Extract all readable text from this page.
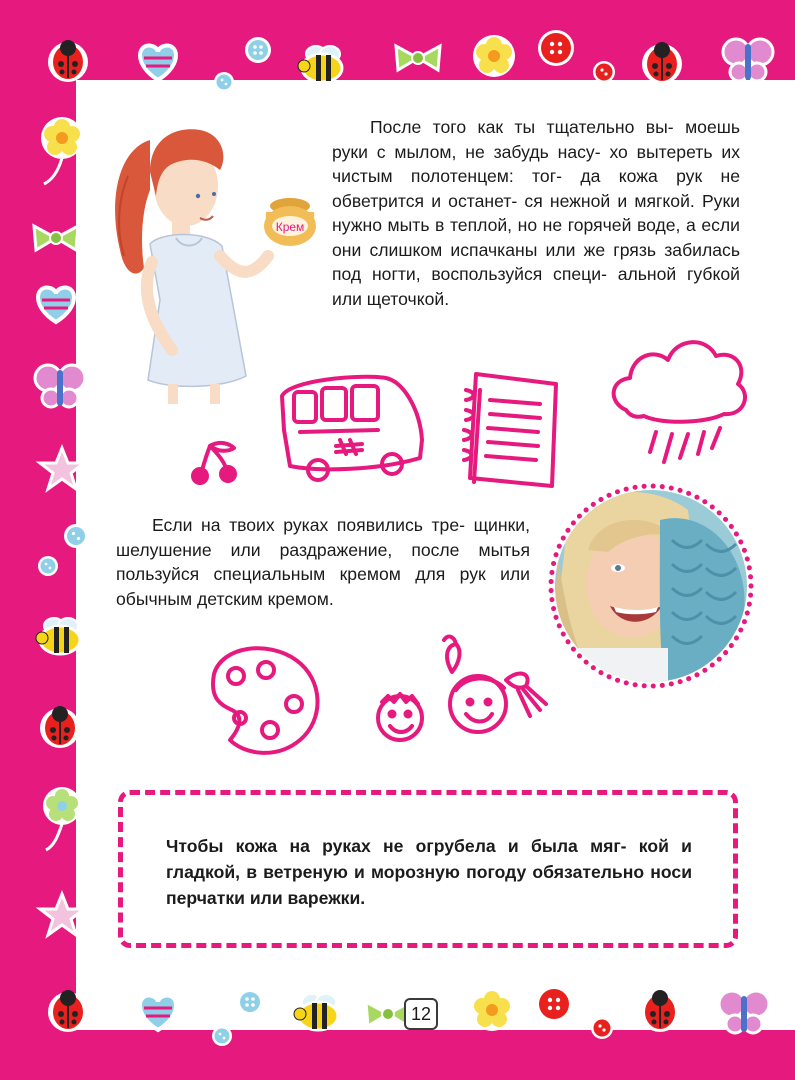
Крем
После того как ты тщательно вы- моешь руки с мылом, не забудь насу- хо вытереть их чистым полотенцем: тог- да кожа рук не обветрится и останет- ся нежной и мягкой. Руки нужно мыть в теплой, но не горячей воде, а если они слишком испачканы или же грязь забилась под ногти, воспользуйся специ- альной губкой или щеточкой.
Если на твоих руках появились тре- щинки, шелушение или раздражение, после мытья пользуйся специальным кремом для рук или обычным детским кремом.
Чтобы кожа на руках не огрубела и была мяг- кой и гладкой, в ветреную и морозную погоду обязательно носи перчатки или варежки.
12
